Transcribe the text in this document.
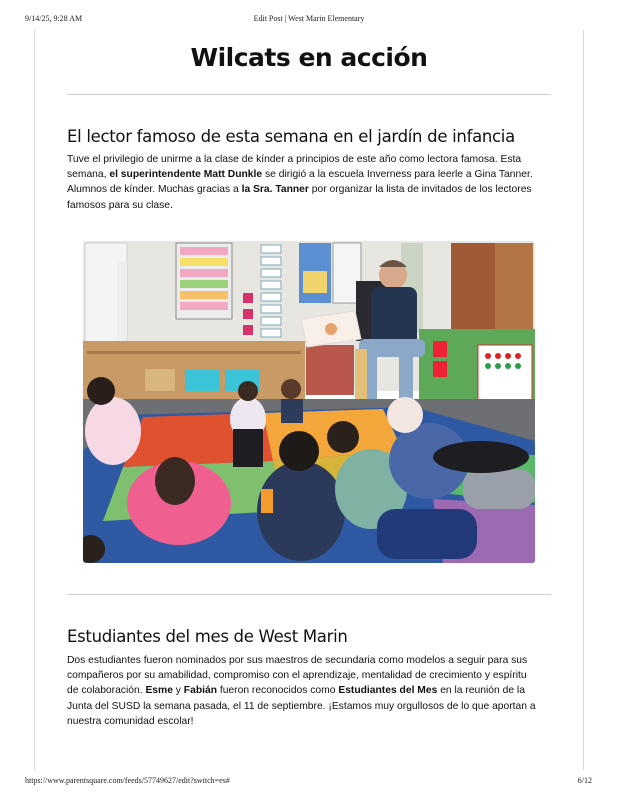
Edit Post | West Marin Elementary
9/14/25, 9:28 AM
Wilcats en acción
El lector famoso de esta semana en el jardín de infancia

Tuve el privilegio de unirme a la clase de kínder a principios de este año como lectora famosa. Esta semana, el superintendente Matt Dunkle se dirigió a la escuela Inverness para leerle a Gina Tanner. Alumnos de kínder. Muchas gracias a la Sra. Tanner por organizar la lista de invitados de los lectores famosos para su clase.

Estudiantes del mes de West Marin

Dos estudiantes fueron nominados por sus maestros de secundaria como modelos a seguir para sus compañeros por su amabilidad, compromiso con el aprendizaje, mentalidad de crecimiento y espíritu de colaboración. Esme y Fabián fueron reconocidos como Estudiantes del Mes en la reunión de la Junta del SUSD la semana pasada, el 11 de septiembre. ¡Estamos muy orgullosos de lo que aportan a nuestra comunidad escolar!

https://www.parentsquare.com/feeds/57749627/edit?switch=es#	6/12
